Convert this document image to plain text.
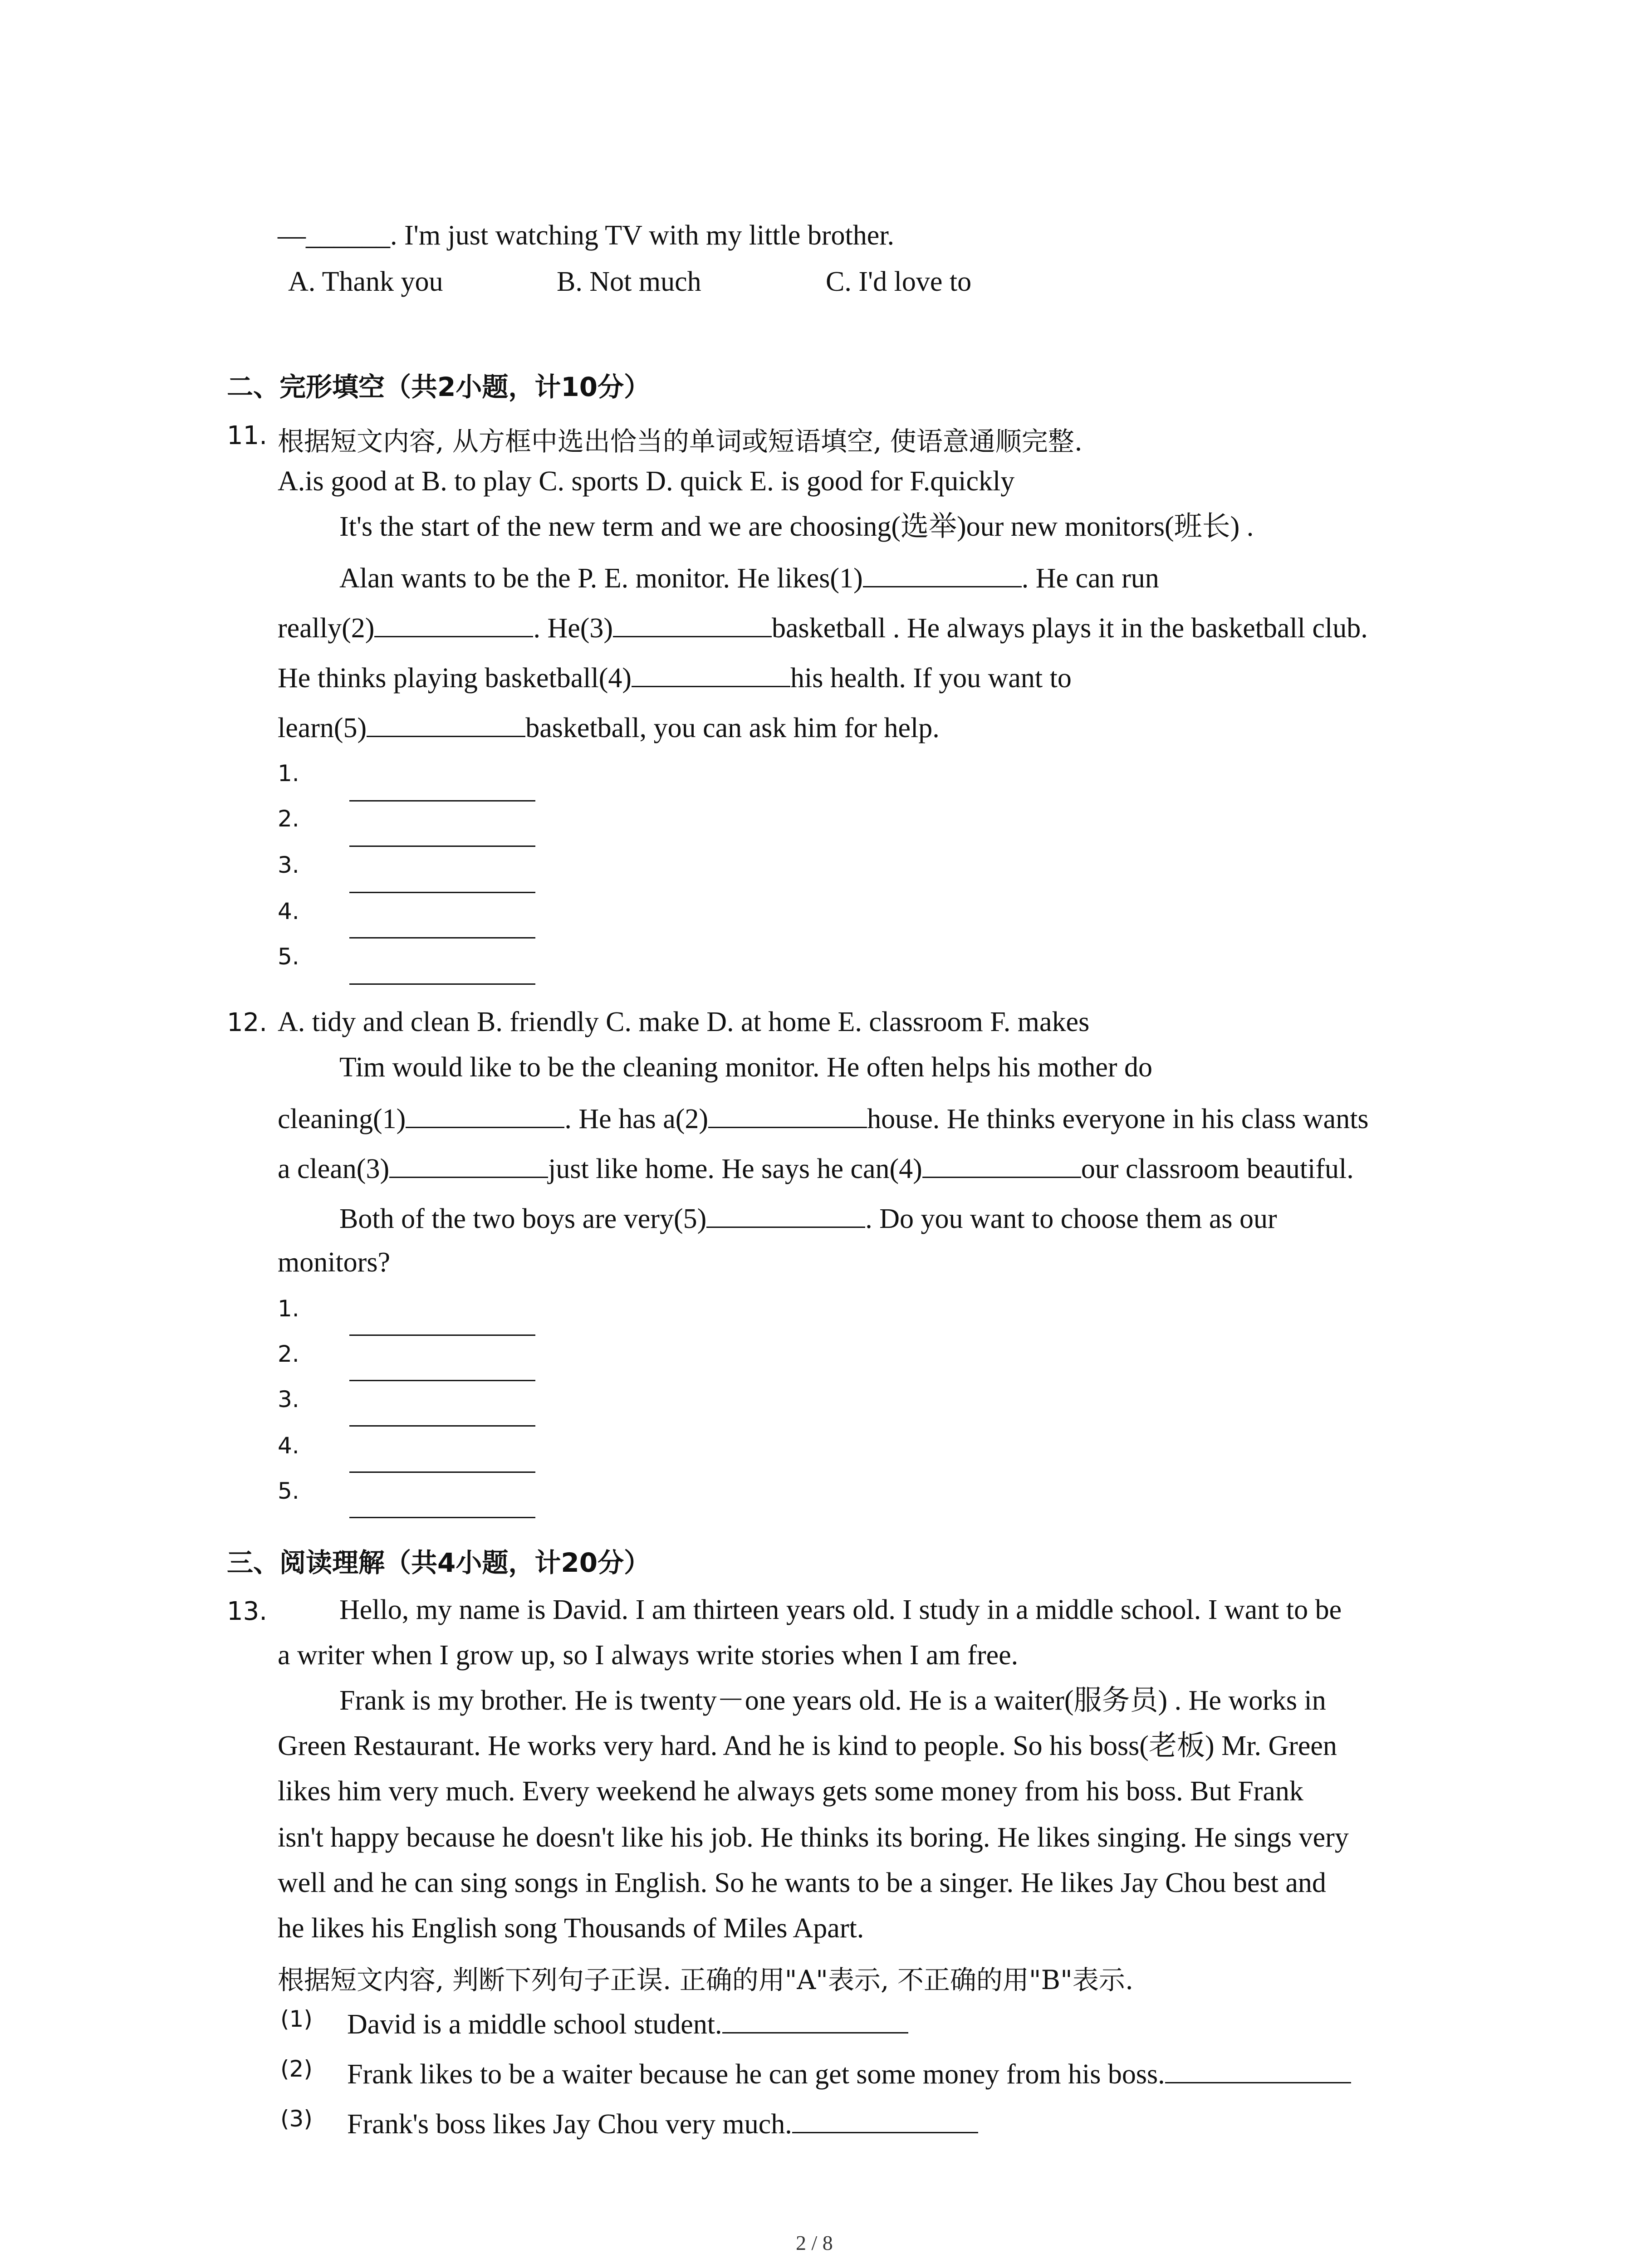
—______. I'm just watching TV with my little brother.
A. Thank you	B. Not much	C. I'd love to
二、完形填空（共2小题，计10分）
11. 根据短文内容, 从方框中选出恰当的单词或短语填空, 使语意通顺完整.
A.is good at B. to play C. sports D. quick E. is good for F.quickly
It's the start of the new term and we are choosing(选举)our new monitors(班长) .
Alan wants to be the P. E. monitor. He likes(1)	. He can run
really(2)	. He(3)	basketball . He always plays it in the basketball club.
He thinks playing basketball(4)	his health. If you want to
learn(5)	basketball, you can ask him for help.
1.
2.
3.
4.
5.
12. A. tidy and clean B. friendly C. make D. at home E. classroom F. makes
Tim would like to be the cleaning monitor. He often helps his mother do
cleaning(1)	. He has a(2)	house. He thinks everyone in his class wants
a clean(3)	just like home. He says he can(4)	our classroom beautiful.
Both of the two boys are very(5)	. Do you want to choose them as our
monitors?
1.
2.
3.
4.
5.
三、阅读理解（共4小题，计20分）
13.	Hello, my name is David. I am thirteen years old. I study in a middle school. I want to be
a writer when I grow up, so I always write stories when I am free.
Frank is my brother. He is twenty－one years old. He is a waiter(服务员) . He works in
Green Restaurant. He works very hard. And he is kind to people. So his boss(老板) Mr. Green
likes him very much. Every weekend he always gets some money from his boss. But Frank
isn't happy because he doesn't like his job. He thinks its boring. He likes singing. He sings very
well and he can sing songs in English. So he wants to be a singer. He likes Jay Chou best and
he likes his English song Thousands of Miles Apart.
根据短文内容, 判断下列句子正误. 正确的用"A"表示, 不正确的用"B"表示.
(1) David is a middle school student.
(2) Frank likes to be a waiter because he can get some money from his boss.
(3) Frank's boss likes Jay Chou very much.
2 / 8
